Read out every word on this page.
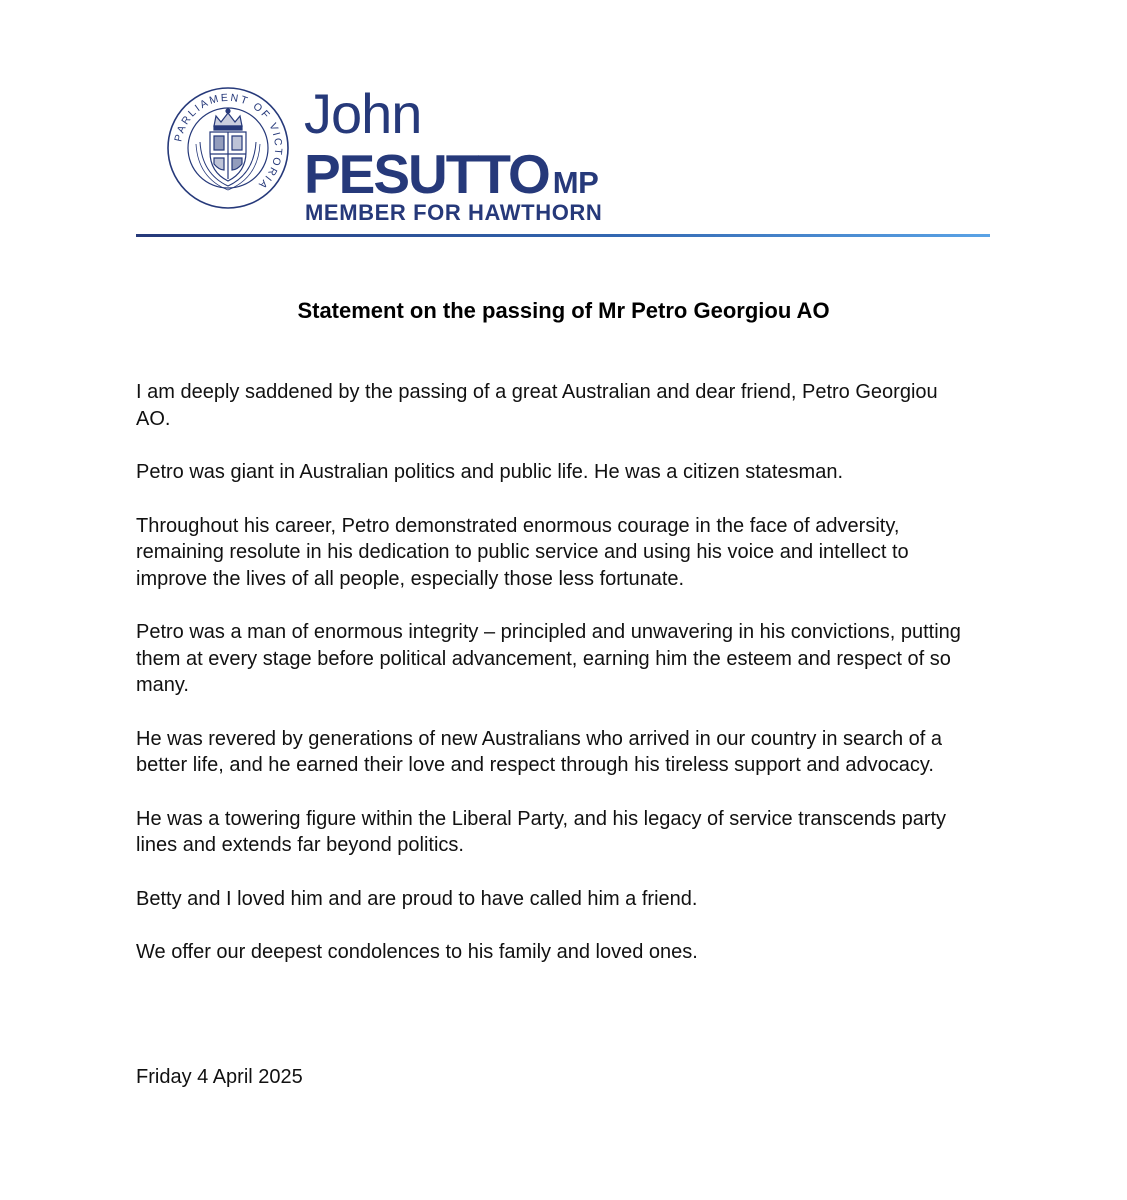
PARLIAMENT OF VICTORIA
John
PESUTTO MP
MEMBER FOR HAWTHORN
Statement on the passing of Mr Petro Georgiou AO

I am deeply saddened by the passing of a great Australian and dear friend, Petro Georgiou AO.

Petro was giant in Australian politics and public life. He was a citizen statesman.

Throughout his career, Petro demonstrated enormous courage in the face of adversity, remaining resolute in his dedication to public service and using his voice and intellect to improve the lives of all people, especially those less fortunate.

Petro was a man of enormous integrity – principled and unwavering in his convictions, putting them at every stage before political advancement, earning him the esteem and respect of so many.

He was revered by generations of new Australians who arrived in our country in search of a better life, and he earned their love and respect through his tireless support and advocacy.

He was a towering figure within the Liberal Party, and his legacy of service transcends party lines and extends far beyond politics.

Betty and I loved him and are proud to have called him a friend.

We offer our deepest condolences to his family and loved ones.

Friday 4 April 2025
